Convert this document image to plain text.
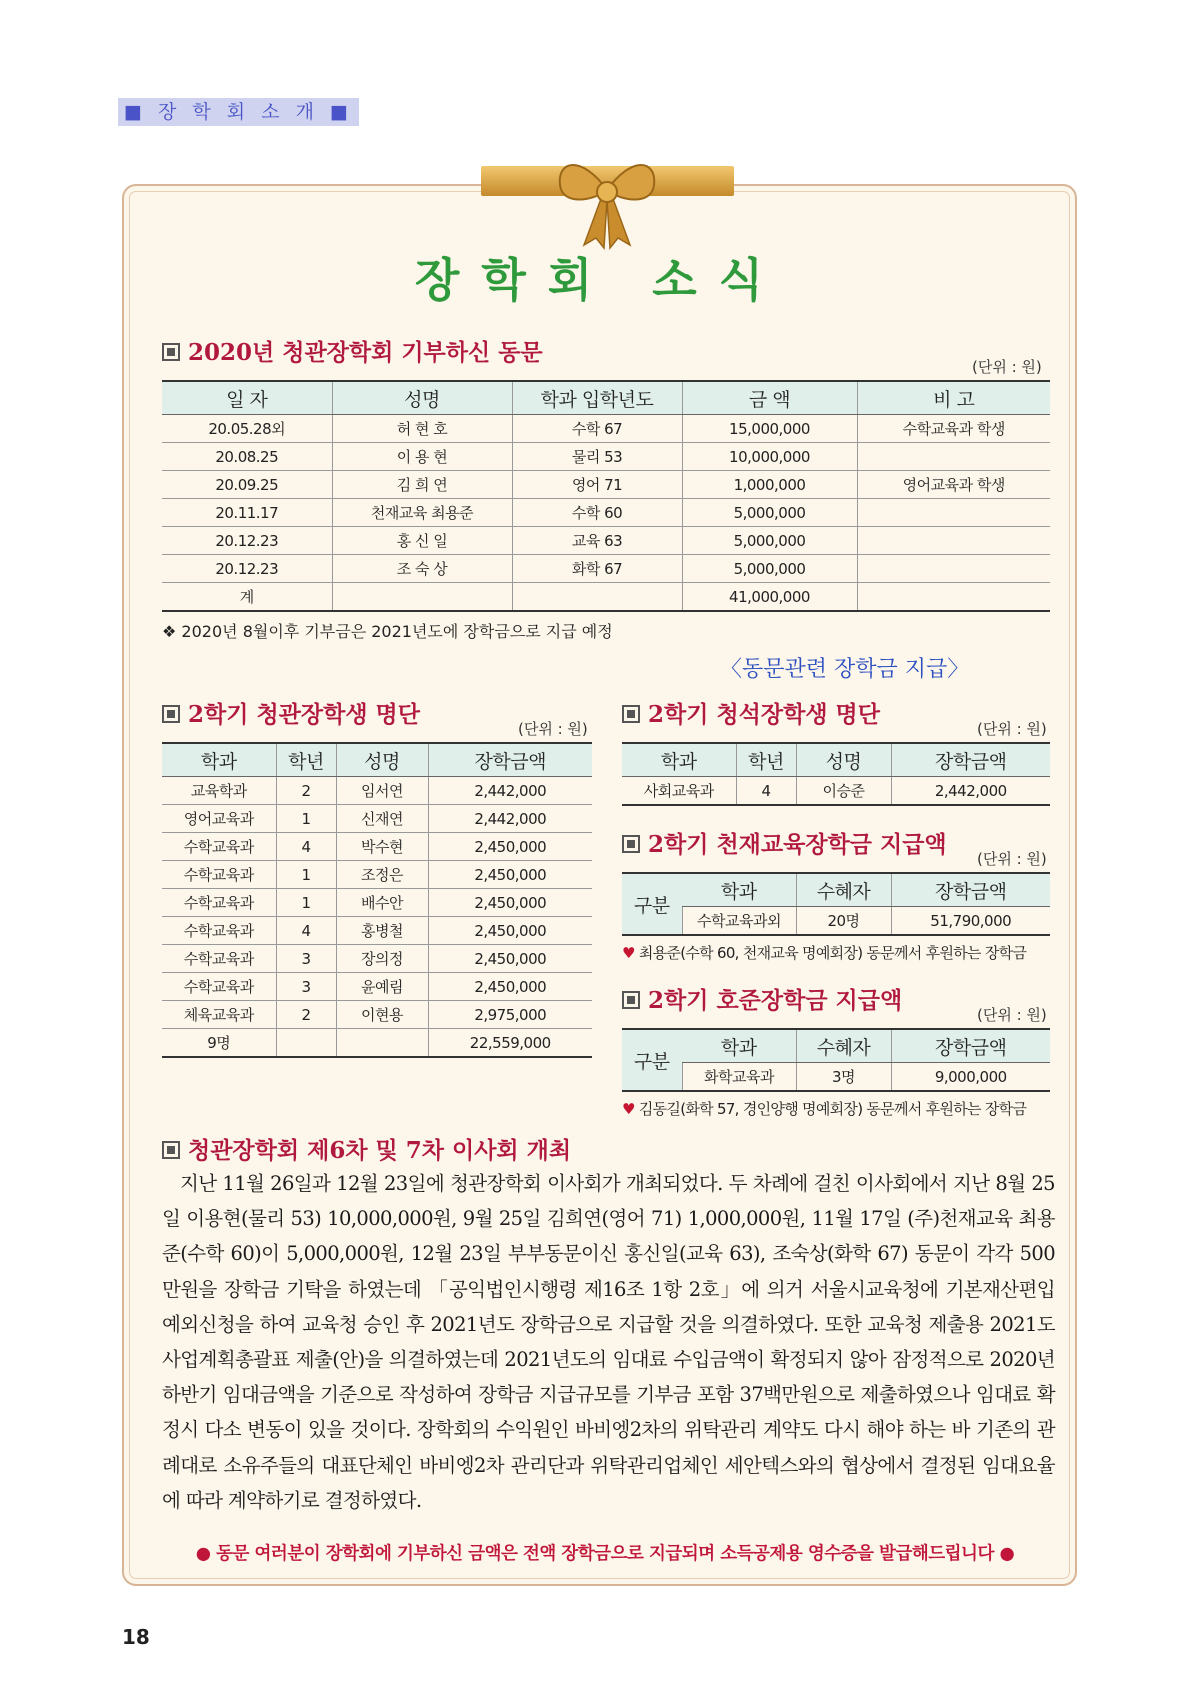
■ 장 학 회 소 개 ■
장학회 소식
2020년 청관장학회 기부하신 동문
(단위 : 원)
일 자	성명	학과 입학년도	금 액	비 고
20.05.28외	허 현 호	수학 67	15,000,000	수학교육과 학생
20.08.25	이 용 현	물리 53	10,000,000	
20.09.25	김 희 연	영어 71	1,000,000	영어교육과 학생
20.11.17	천재교육 최용준	수학 60	5,000,000	
20.12.23	홍 신 일	교육 63	5,000,000	
20.12.23	조 숙 상	화학 67	5,000,000	
계			41,000,000	
❖ 2020년 8월이후 기부금은 2021년도에 장학금으로 지급 예정
〈동문관련 장학금 지급〉
2학기 청관장학생 명단
(단위 : 원)
학과	학년	성명	장학금액
교육학과	2	임서연	2,442,000
영어교육과	1	신재연	2,442,000
수학교육과	4	박수현	2,450,000
수학교육과	1	조정은	2,450,000
수학교육과	1	배수안	2,450,000
수학교육과	4	홍병철	2,450,000
수학교육과	3	장의정	2,450,000
수학교육과	3	윤예림	2,450,000
체육교육과	2	이현용	2,975,000
9명			22,559,000
2학기 청석장학생 명단
(단위 : 원)
학과	학년	성명	장학금액
사회교육과	4	이승준	2,442,000
2학기 천재교육장학금 지급액
(단위 : 원)
구분	학과	수혜자	장학금액
	수학교육과외	20명	51,790,000
♥ 최용준(수학 60, 천재교육 명예회장) 동문께서 후원하는 장학금
2학기 호준장학금 지급액
(단위 : 원)
구분	학과	수혜자	장학금액
	화학교육과	3명	9,000,000
♥ 김동길(화학 57, 경인양행 명예회장) 동문께서 후원하는 장학금
청관장학회 제6차 및 7차 이사회 개최
지난 11월 26일과 12월 23일에 청관장학회 이사회가 개최되었다. 두 차례에 걸친 이사회에서 지난 8월 25일 이용현(물리 53) 10,000,000원, 9월 25일 김희연(영어 71) 1,000,000원, 11월 17일 (주)천재교육 최용준(수학 60)이 5,000,000원, 12월 23일 부부동문이신 홍신일(교육 63), 조숙상(화학 67) 동문이 각각 500만원을 장학금 기탁을 하였는데 「공익법인시행령 제16조 1항 2호」에 의거 서울시교육청에 기본재산편입 예외신청을 하여 교육청 승인 후 2021년도 장학금으로 지급할 것을 의결하였다. 또한 교육청 제출용 2021도 사업계획총괄표 제출(안)을 의결하였는데 2021년도의 임대료 수입금액이 확정되지 않아 잠정적으로 2020년 하반기 임대금액을 기준으로 작성하여 장학금 지급규모를 기부금 포함 37백만원으로 제출하였으나 임대료 확정시 다소 변동이 있을 것이다. 장학회의 수익원인 바비엥2차의 위탁관리 계약도 다시 해야 하는 바 기존의 관례대로 소유주들의 대표단체인 바비엥2차 관리단과 위탁관리업체인 세안텍스와의 협상에서 결정된 임대요율에 따라 계약하기로 결정하였다.
● 동문 여러분이 장학회에 기부하신 금액은 전액 장학금으로 지급되며 소득공제용 영수증을 발급해드립니다 ●
18
